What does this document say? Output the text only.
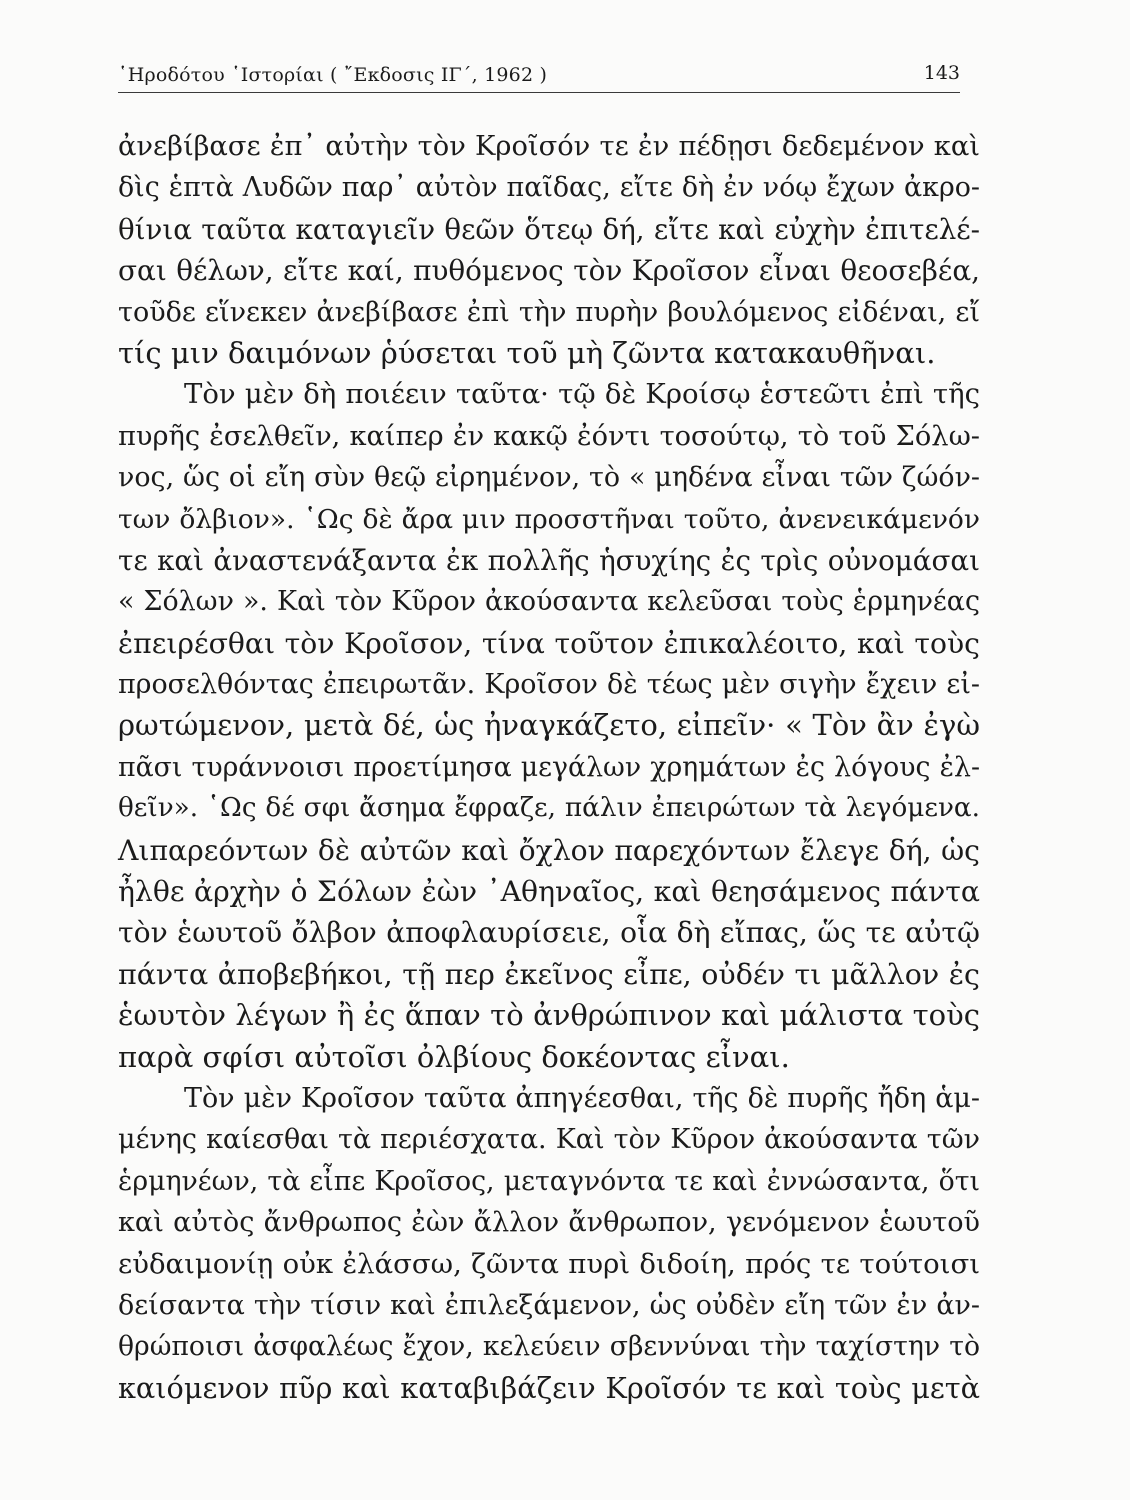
῾Ηροδότου ῾Ιστορίαι ( ῎Εκδοσις ΙΓ΄, 1962 )	143
ἀνεβίβασε ἐπ᾽ αὐτὴν τὸν Κροῖσόν τε ἐν πέδῃσι δεδεμένον καὶ
δὶς ἑπτὰ Λυδῶν παρ᾽ αὐτὸν παῖδας, εἴτε δὴ ἐν νόῳ ἔχων ἀκρο-
θίνια ταῦτα καταγιεῖν θεῶν ὅτεῳ δή, εἴτε καὶ εὐχὴν ἐπιτελέ-
σαι θέλων, εἴτε καί, πυθόμενος τὸν Κροῖσον εἶναι θεοσεβέα,
τοῦδε εἵνεκεν ἀνεβίβασε ἐπὶ τὴν πυρὴν βουλόμενος εἰδέναι, εἴ
τίς μιν δαιμόνων ῥύσεται τοῦ μὴ ζῶντα κατακαυθῆναι.
Τὸν μὲν δὴ ποιέειν ταῦτα· τῷ δὲ Κροίσῳ ἑστεῶτι ἐπὶ τῆς
πυρῆς ἐσελθεῖν, καίπερ ἐν κακῷ ἐόντι τοσούτῳ, τὸ τοῦ Σόλω-
νος, ὥς οἱ εἴη σὺν θεῷ εἰρημένον, τὸ « μηδένα εἶναι τῶν ζώόν-
των ὄλβιον». ῾Ως δὲ ἄρα μιν προσστῆναι τοῦτο, ἀνενεικάμενόν
τε καὶ ἀναστενάξαντα ἐκ πολλῆς ἡσυχίης ἐς τρὶς οὐνομάσαι
« Σόλων ». Καὶ τὸν Κῦρον ἀκούσαντα κελεῦσαι τοὺς ἑρμηνέας
ἐπειρέσθαι τὸν Κροῖσον, τίνα τοῦτον ἐπικαλέοιτο, καὶ τοὺς
προσελθόντας ἐπειρωτᾶν. Κροῖσον δὲ τέως μὲν σιγὴν ἔχειν εἰ-
ρωτώμενον, μετὰ δέ, ὡς ἠναγκάζετο, εἰπεῖν· « Τὸν ἂν ἐγὼ
πᾶσι τυράννοισι προετίμησα μεγάλων χρημάτων ἐς λόγους ἐλ-
θεῖν». ῾Ως δέ σφι ἄσημα ἔφραζε, πάλιν ἐπειρώτων τὰ λεγόμενα.
Λιπαρεόντων δὲ αὐτῶν καὶ ὄχλον παρεχόντων ἔλεγε δή, ὡς
ἦλθε ἀρχὴν ὁ Σόλων ἐὼν ᾽Αθηναῖος, καὶ θεησάμενος πάντα
τὸν ἑωυτοῦ ὄλβον ἀποφλαυρίσειε, οἷα δὴ εἴπας, ὥς τε αὐτῷ
πάντα ἀποβεβήκοι, τῇ περ ἐκεῖνος εἶπε, οὐδέν τι μᾶλλον ἐς
ἑωυτὸν λέγων ἢ ἐς ἅπαν τὸ ἀνθρώπινον καὶ μάλιστα τοὺς
παρὰ σφίσι αὐτοῖσι ὀλβίους δοκέοντας εἶναι.
Τὸν μὲν Κροῖσον ταῦτα ἀπηγέεσθαι, τῆς δὲ πυρῆς ἤδη ἁμ-
μένης καίεσθαι τὰ περιέσχατα. Καὶ τὸν Κῦρον ἀκούσαντα τῶν
ἑρμηνέων, τὰ εἶπε Κροῖσος, μεταγνόντα τε καὶ ἐννώσαντα, ὅτι
καὶ αὐτὸς ἄνθρωπος ἐὼν ἄλλον ἄνθρωπον, γενόμενον ἑωυτοῦ
εὐδαιμονίῃ οὐκ ἐλάσσω, ζῶντα πυρὶ διδοίη, πρός τε τούτοισι
δείσαντα τὴν τίσιν καὶ ἐπιλεξάμενον, ὡς οὐδὲν εἴη τῶν ἐν ἀν-
θρώποισι ἀσφαλέως ἔχον, κελεύειν σβεννύναι τὴν ταχίστην τὸ
καιόμενον πῦρ καὶ καταβιβάζειν Κροῖσόν τε καὶ τοὺς μετὰ
